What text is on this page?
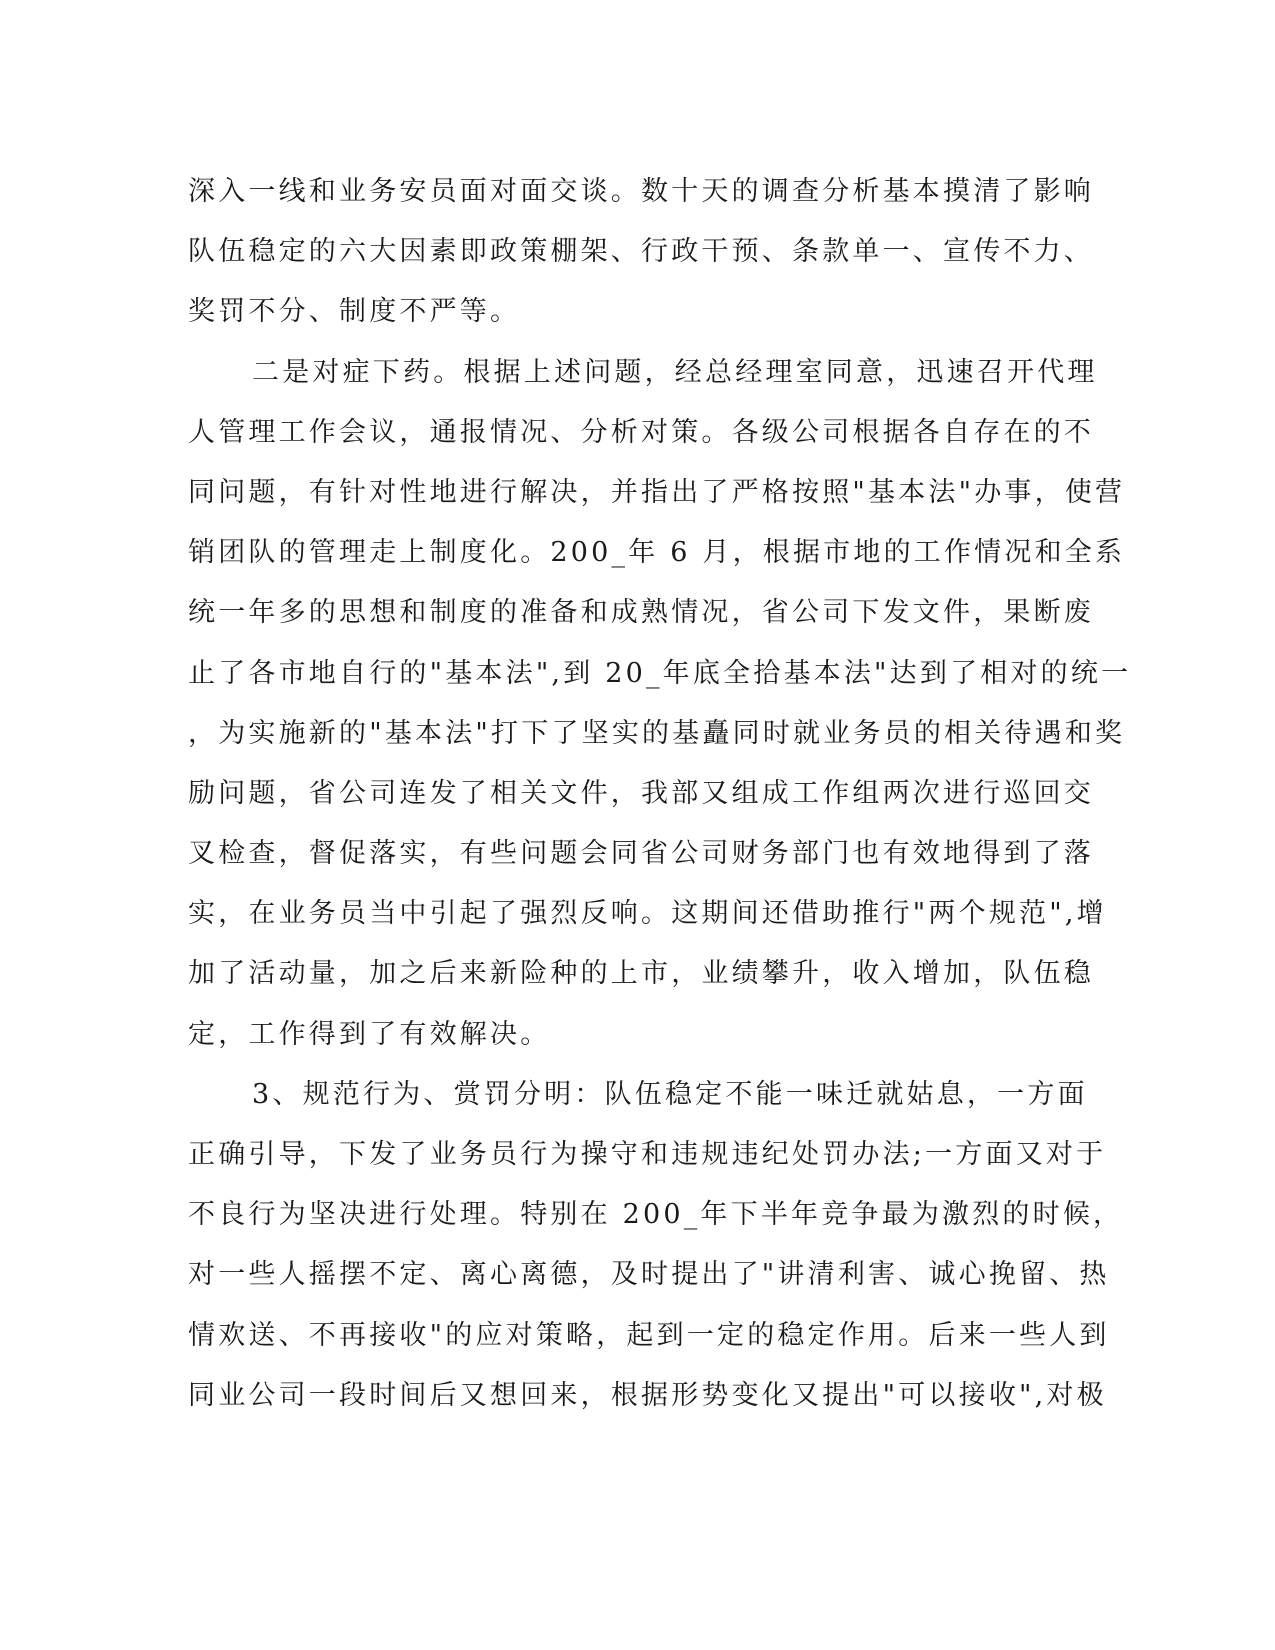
深入一线和业务安员面对面交谈。数十天的调查分析基本摸清了影响
队伍稳定的六大因素即政策棚架、行政干预、条款单一、宣传不力、
奖罚不分、制度不严等。
二是对症下药。根据上述问题，经总经理室同意，迅速召开代理
人管理工作会议，通报情况、分析对策。各级公司根据各自存在的不
同问题，有针对性地进行解决，并指出了严格按照"基本法"办事，使营
销团队的管理走上制度化。200_年 6 月，根据市地的工作情况和全系
统一年多的思想和制度的准备和成熟情况，省公司下发文件，果断废
止了各市地自行的"基本法",到 20_年底全拾基本法"达到了相对的统一
，为实施新的"基本法"打下了坚实的基矗同时就业务员的相关待遇和奖
励问题，省公司连发了相关文件，我部又组成工作组两次进行巡回交
叉检查，督促落实，有些问题会同省公司财务部门也有效地得到了落
实，在业务员当中引起了强烈反响。这期间还借助推行"两个规范",增
加了活动量，加之后来新险种的上市，业绩攀升，收入增加，队伍稳
定，工作得到了有效解决。
3、规范行为、赏罚分明：队伍稳定不能一味迁就姑息，一方面
正确引导，下发了业务员行为操守和违规违纪处罚办法;一方面又对于
不良行为坚决进行处理。特别在 200_年下半年竞争最为激烈的时候，
对一些人摇摆不定、离心离德，及时提出了"讲清利害、诚心挽留、热
情欢送、不再接收"的应对策略，起到一定的稳定作用。后来一些人到
同业公司一段时间后又想回来，根据形势变化又提出"可以接收",对极
